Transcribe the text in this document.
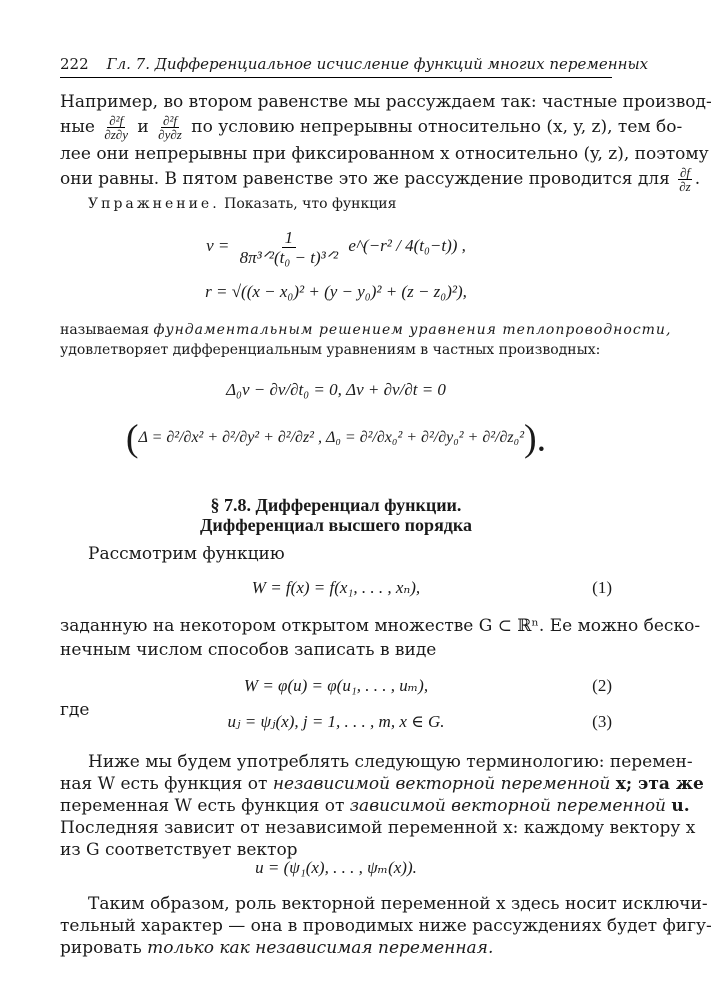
222 Гл. 7. Дифференциальное исчисление функций многих переменных
Например, во втором равенстве мы рассуждаем так: частные производ-
ные $\frac{\text{∂²f}}{\partial z\partial y}$ и $\frac{\text{∂²f}}{\partial y\partial z}$ по условию непрерывны относительно (x, y, z), тем бо-
лее они непрерывны при фиксированном x относительно (y, z), поэтому
они равны. В пятом равенстве это же рассуждение проводится для $\frac{\partial f}{\partial z}$ .
Упражнение. Показать, что функция
$v = \frac{1}{\text{8π³ᐟ²(t₀ − t)³ᐟ²}}$ e^(−r² / 4(t₀−t)) ,
r = √((x − x₀)² + (y − y₀)² + (z − z₀)²),
называемая фундаментальным решением уравнения теплопроводности,
удовлетворяет дифференциальным уравнениям в частных производных:
Δ₀v − ∂v/∂t₀ = 0, Δv + ∂v/∂t = 0
(Δ = ∂²/∂x² + ∂²/∂y² + ∂²/∂z² , Δ₀ = ∂²/∂x₀² + ∂²/∂y₀² + ∂²/∂z₀²).
§ 7.8. Дифференциал функции.
Дифференциал высшего порядка
Рассмотрим функцию
W = f(x) = f(x₁, . . . , xₙ),	(1)
заданную на некотором открытом множестве G ⊂ ℝⁿ. Ее можно беско-
нечным числом способов записать в виде
W = φ(u) = φ(u₁, . . . , uₘ),	(2)
где
uⱼ = ψⱼ(x), j = 1, . . . , m, x ∈ G.	(3)
Ниже мы будем употреблять следующую терминологию: перемен-
ная W есть функция от независимой векторной переменной x; эта же
переменная W есть функция от зависимой векторной переменной u.
Последняя зависит от независимой переменной x: каждому вектору x
из G соответствует вектор
u = (ψ₁(x), . . . , ψₘ(x)).
Таким образом, роль векторной переменной x здесь носит исключи-
тельный характер — она в проводимых ниже рассуждениях будет фигу-
рировать только как независимая переменная.
